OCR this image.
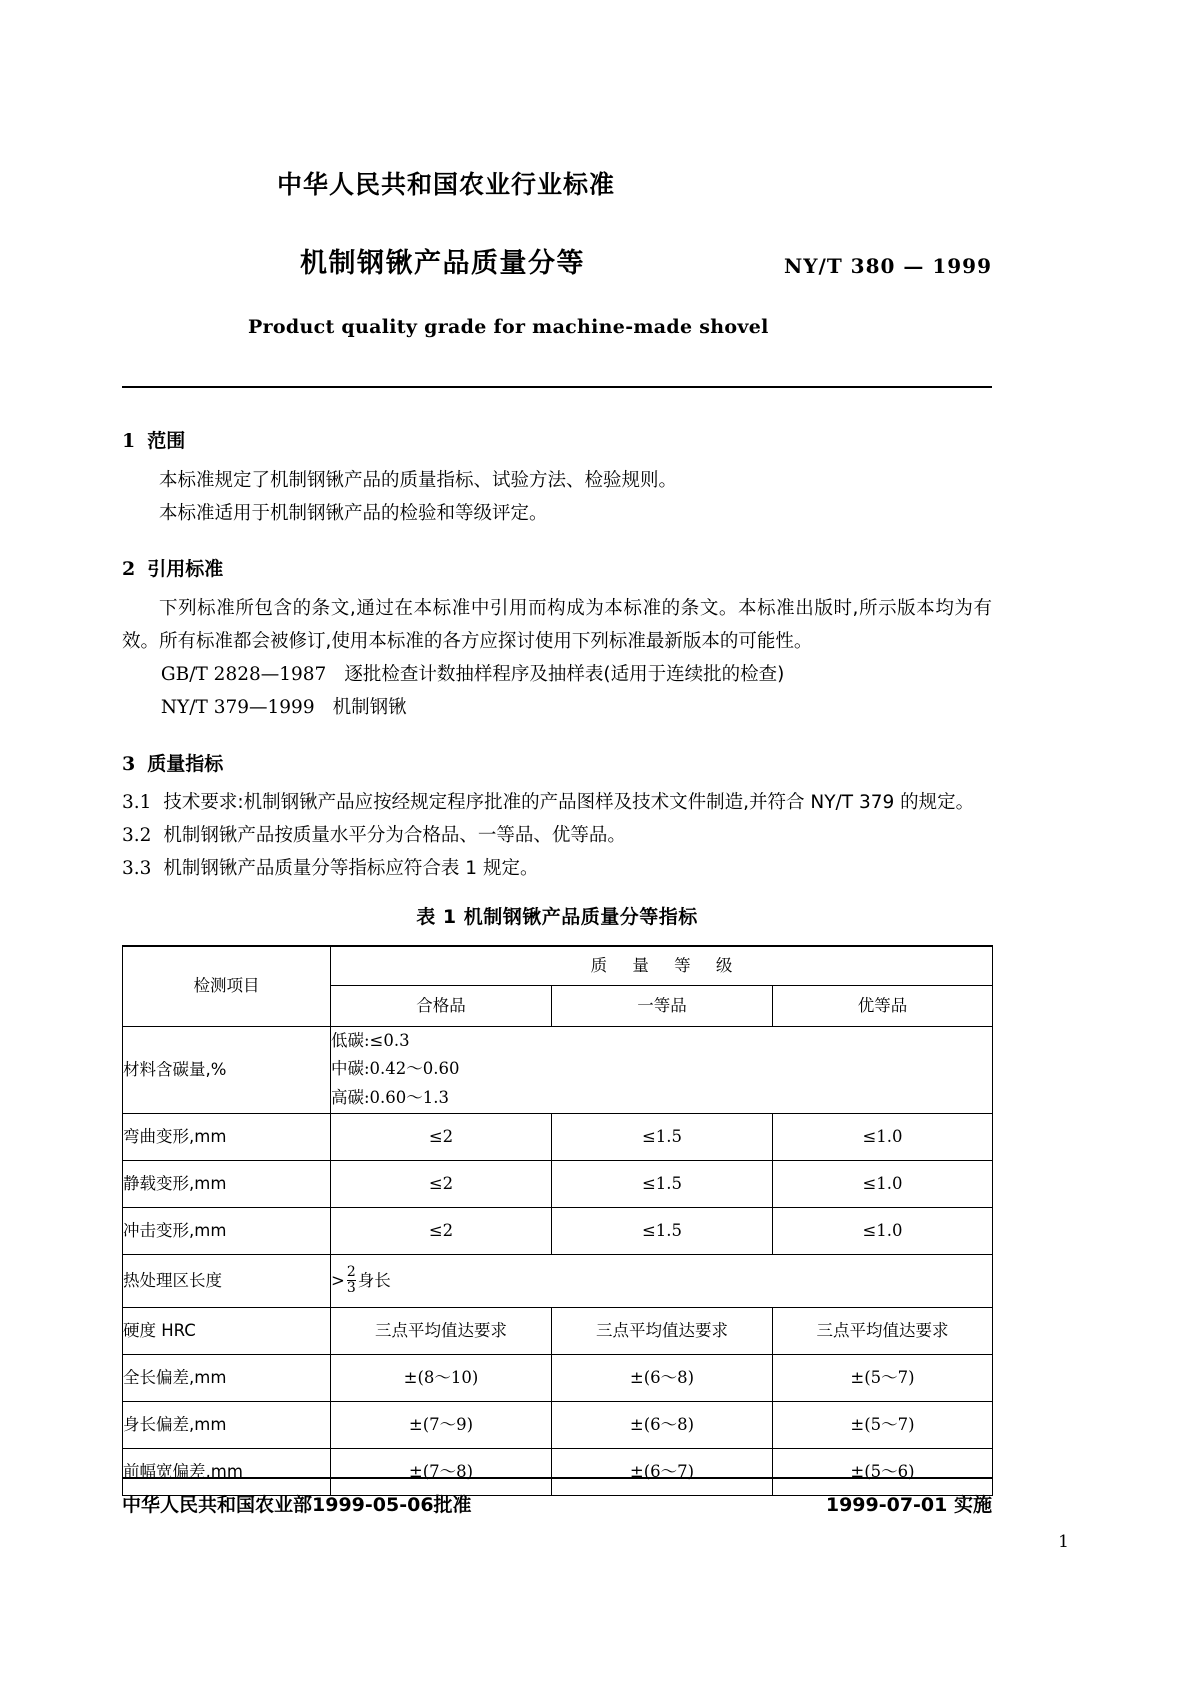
中华人民共和国农业行业标准
机制钢锹产品质量分等	NY/T 380 — 1999
Product quality grade for machine-made shovel
1 范围
本标准规定了机制钢锹产品的质量指标、试验方法、检验规则。
本标准适用于机制钢锹产品的检验和等级评定。
2 引用标准
下列标准所包含的条文,通过在本标准中引用而构成为本标准的条文。本标准出版时,所示版本均为有效。所有标准都会被修订,使用本标准的各方应探讨使用下列标准最新版本的可能性。
GB/T 2828—1987 逐批检查计数抽样程序及抽样表(适用于连续批的检查)
NY/T 379—1999 机制钢锹
3 质量指标
3.1 技术要求:机制钢锹产品应按经规定程序批准的产品图样及技术文件制造,并符合 NY/T 379 的规定。
3.2 机制钢锹产品按质量水平分为合格品、一等品、优等品。
3.3 机制钢锹产品质量分等指标应符合表 1 规定。
表 1 机制钢锹产品质量分等指标
检测项目	质 量 等 级		
	合格品	一等品	优等品
材料含碳量,%	低碳:≤0.3
中碳:0.42～0.60
高碳:0.60～1.3		

弯曲变形,mm	≤2	≤1.5	≤1.0
静载变形,mm	≤2	≤1.5	≤1.0
冲击变形,mm	≤2	≤1.5	≤1.0
热处理区长度	> $\frac{2}{3}$ 身长		
硬度 HRC	三点平均值达要求	三点平均值达要求	三点平均值达要求
全长偏差,mm	±(8～10)	±(6～8)	±(5～7)
身长偏差,mm	±(7～9)	±(6～8)	±(5～7)
前幅宽偏差,mm	±(7～8)	±(6～7)	±(5～6)
中华人民共和国农业部1999-05-06批准	1999-07-01 实施
1
